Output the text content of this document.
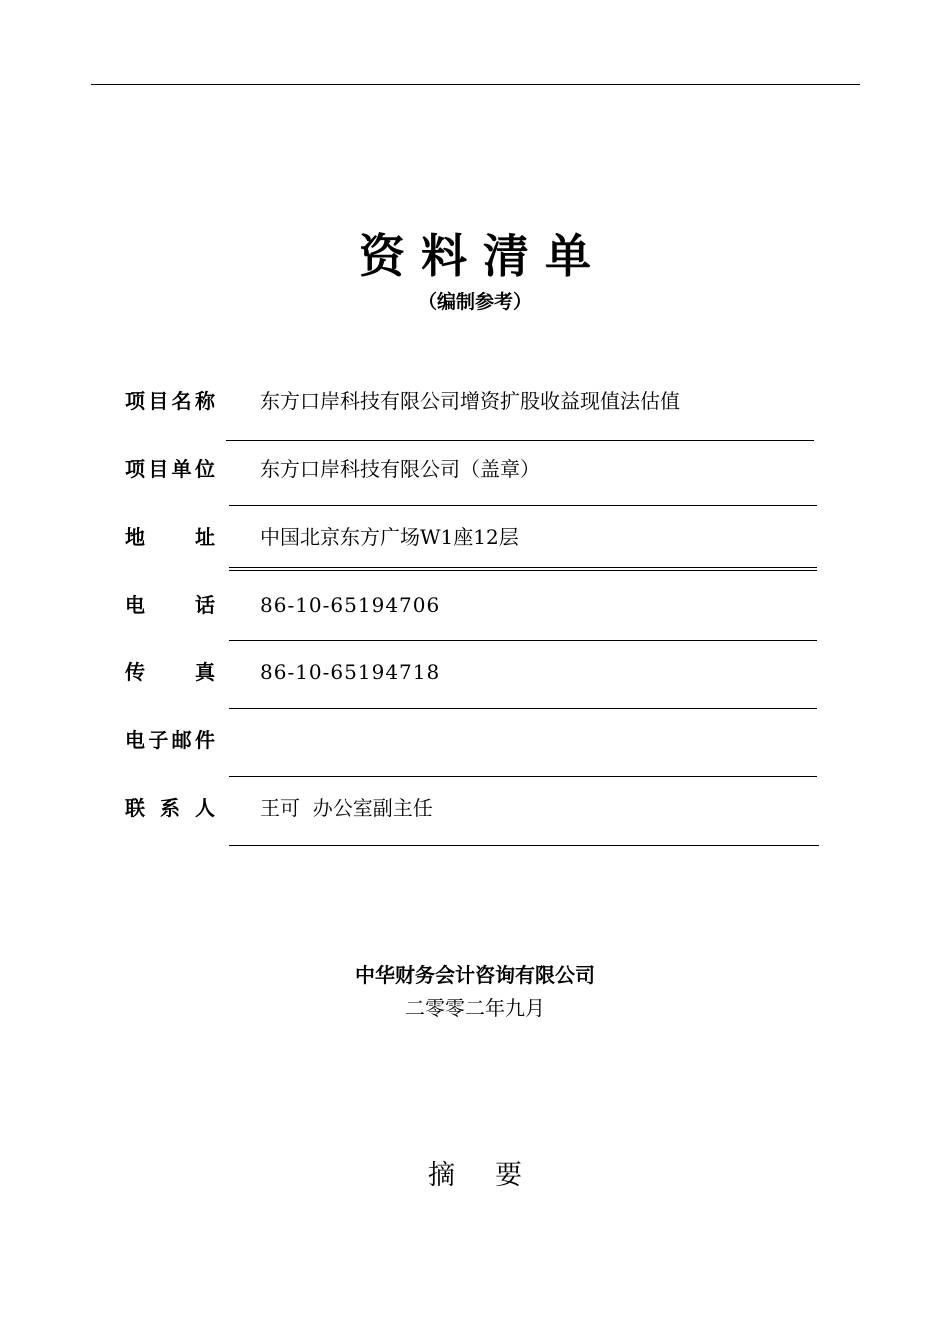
资料清单
（编制参考）
项目名称 东方口岸科技有限公司增资扩股收益现值法估值
项目单位 东方口岸科技有限公司（盖章）
地 址 中国北京东方广场W1座12层
电 话 86-10-65194706
传 真 86-10-65194718
电子邮件
联 系 人 王可  办公室副主任
中华财务会计咨询有限公司
二零零二年九月
摘要
